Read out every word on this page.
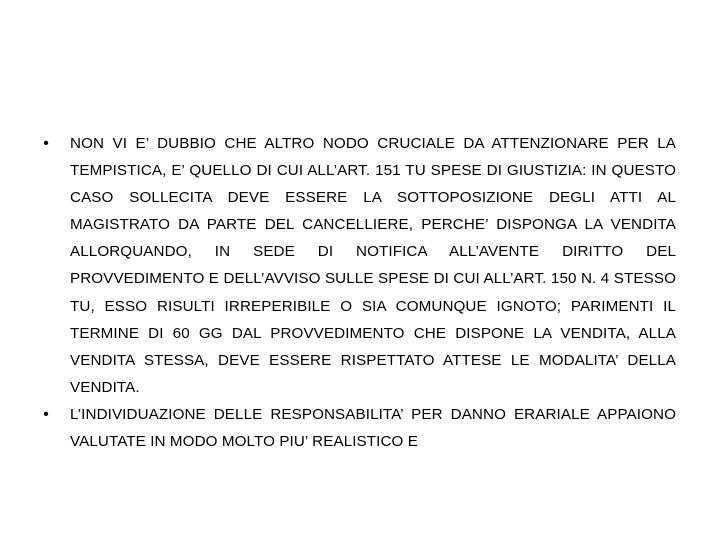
•	NON VI E’ DUBBIO CHE ALTRO NODO CRUCIALE DA ATTENZIONARE PER LA TEMPISTICA, E’ QUELLO DI CUI ALL’ART. 151 TU SPESE DI GIUSTIZIA: IN QUESTO CASO SOLLECITA DEVE ESSERE LA SOTTOPOSIZIONE DEGLI ATTI AL MAGISTRATO DA PARTE DEL CANCELLIERE, PERCHE’ DISPONGA LA VENDITA ALLORQUANDO, IN SEDE DI NOTIFICA ALL’AVENTE DIRITTO DEL PROVVEDIMENTO E DELL’AVVISO SULLE SPESE DI CUI ALL’ART. 150 N. 4 STESSO TU, ESSO RISULTI IRREPERIBILE O SIA COMUNQUE IGNOTO; PARIMENTI IL TERMINE DI 60 GG DAL PROVVEDIMENTO CHE DISPONE LA VENDITA, ALLA VENDITA STESSA, DEVE ESSERE RISPETTATO ATTESE LE MODALITA’ DELLA VENDITA.
•	L’INDIVIDUAZIONE DELLE RESPONSABILITA’ PER DANNO ERARIALE APPAIONO VALUTATE IN MODO MOLTO PIU’ REALISTICO E
